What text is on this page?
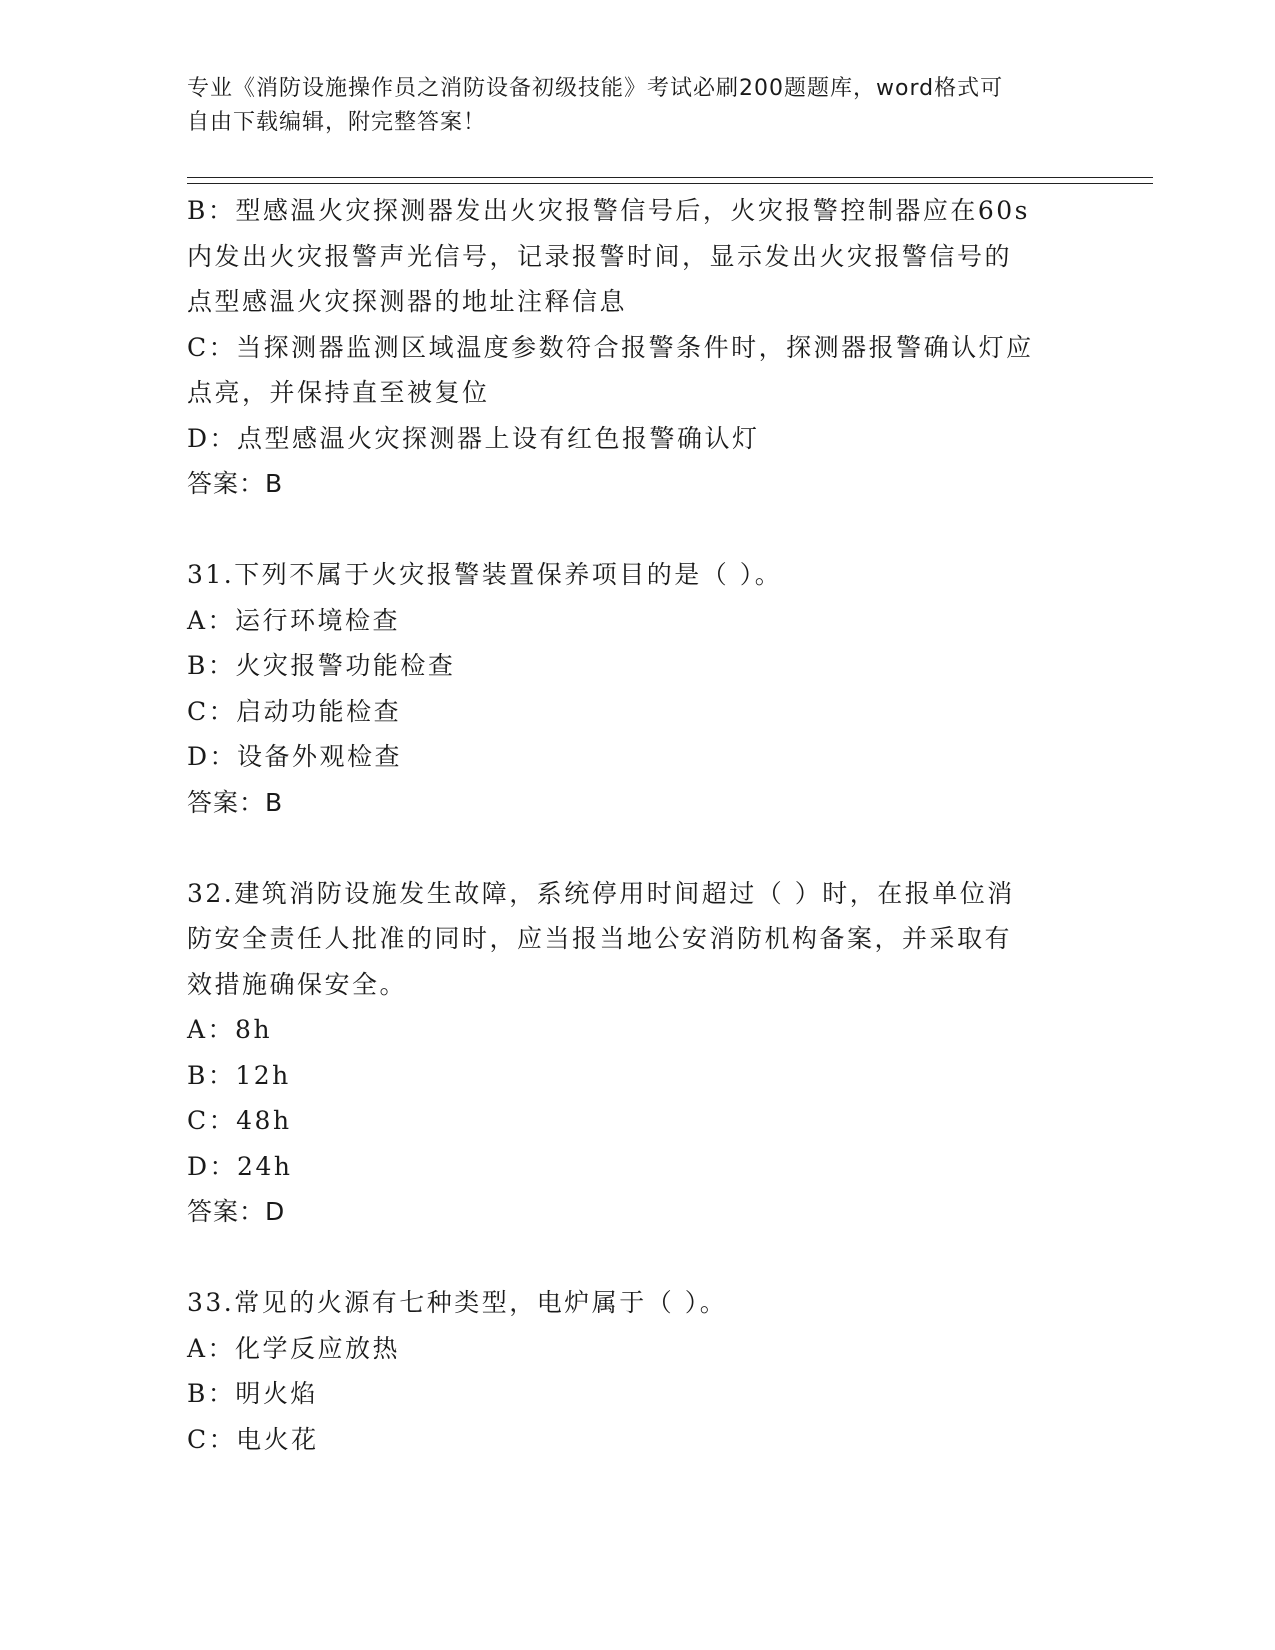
专业《消防设施操作员之消防设备初级技能》考试必刷200题题库，word格式可
自由下载编辑，附完整答案！
B：型感温火灾探测器发出火灾报警信号后，火灾报警控制器应在60s
内发出火灾报警声光信号，记录报警时间，显示发出火灾报警信号的
点型感温火灾探测器的地址注释信息
C：当探测器监测区域温度参数符合报警条件时，探测器报警确认灯应
点亮，并保持直至被复位
D：点型感温火灾探测器上设有红色报警确认灯
答案：B
31.下列不属于火灾报警装置保养项目的是（ ）。
A：运行环境检查
B：火灾报警功能检查
C：启动功能检查
D：设备外观检查
答案：B
32.建筑消防设施发生故障，系统停用时间超过（ ）时，在报单位消
防安全责任人批准的同时，应当报当地公安消防机构备案，并采取有
效措施确保安全。
A：8h
B：12h
C：48h
D：24h
答案：D
33.常见的火源有七种类型，电炉属于（ ）。
A：化学反应放热
B：明火焰
C：电火花
